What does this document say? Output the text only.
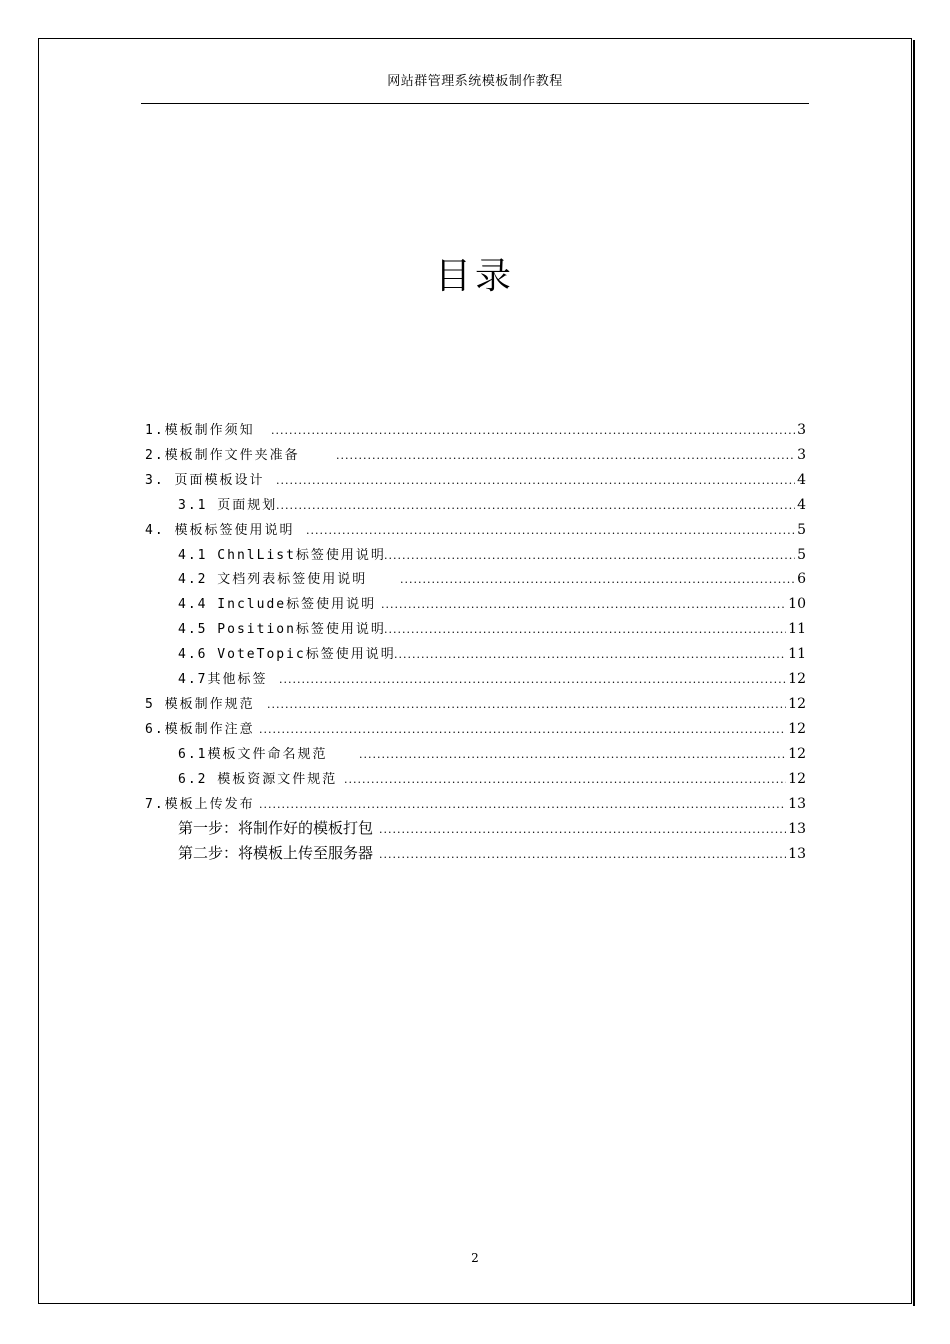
网站群管理系统模板制作教程
目录
1.模板制作须知 .....	3
2.模板制作文件夹准备 .....	3
3. 页面模板设计 .....	4
3.1 页面规划 .....	4
4. 模板标签使用说明 .....	5
4.1 ChnlList标签使用说明 .....	5
4.2 文档列表标签使用说明 .....	6
4.4 Include标签使用说明 .....	10
4.5 Position标签使用说明 .....	11
4.6 VoteTopic标签使用说明 .....	11
4.7其他标签 .....	12
5 模板制作规范 .....	12
6.模板制作注意 .....	12
6.1模板文件命名规范 .....	12
6.2 模板资源文件规范 .....	12
7.模板上传发布 .....	13
第一步：将制作好的模板打包 .....	13
第二步：将模板上传至服务器 .....	13
2
